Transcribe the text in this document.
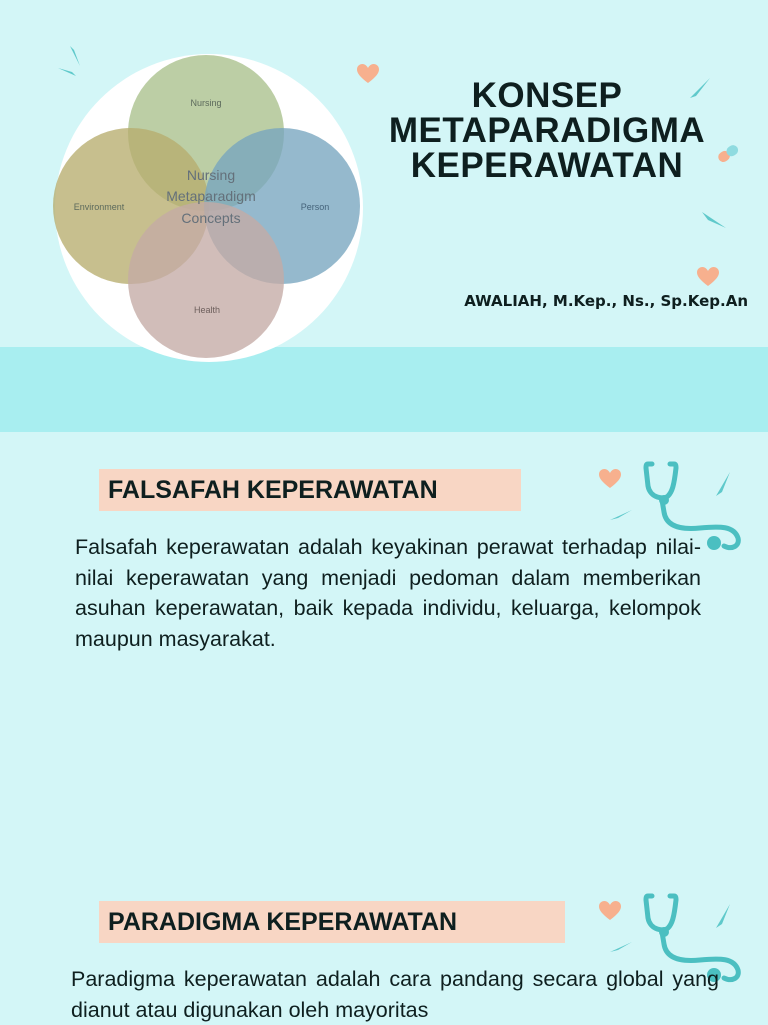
Nursing
Environment	Person
Health
Nursing
Metaparadigm
Concepts
KONSEP
METAPARADIGMA
KEPERAWATAN
AWALIAH, M.Kep., Ns., Sp.Kep.An
FALSAFAH KEPERAWATAN
Falsafah keperawatan adalah keyakinan perawat terhadap nilai-nilai keperawatan yang menjadi pedoman dalam memberikan asuhan keperawatan, baik kepada individu, keluarga, kelompok maupun masyarakat.
PARADIGMA KEPERAWATAN
Paradigma keperawatan adalah cara pandang secara global yang dianut atau digunakan oleh mayoritas
